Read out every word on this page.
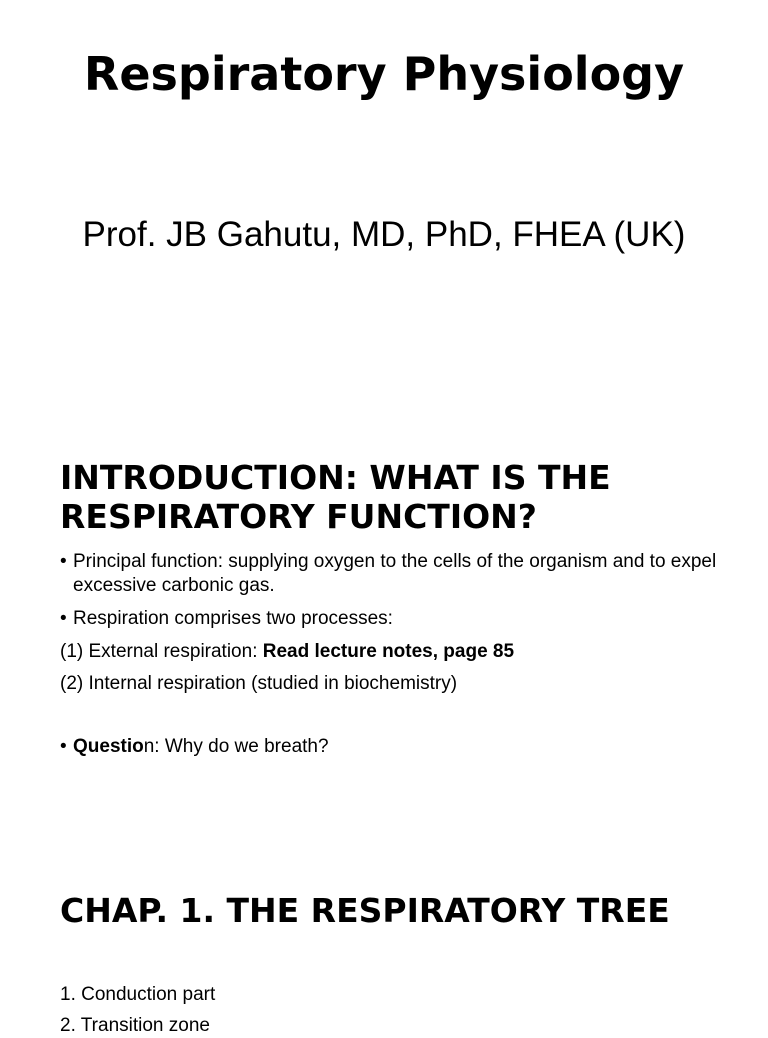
Respiratory Physiology

Prof. JB Gahutu, MD, PhD, FHEA (UK)

INTRODUCTION: WHAT IS THE RESPIRATORY FUNCTION?
• Principal function: supplying oxygen to the cells of the organism and to expel excessive carbonic gas.
• Respiration comprises two processes:
(1) External respiration: Read lecture notes, page 85
(2) Internal respiration (studied in biochemistry)
• Question: Why do we breath?
CHAP. 1. THE RESPIRATORY TREE
1. Conduction part
2. Transition zone
